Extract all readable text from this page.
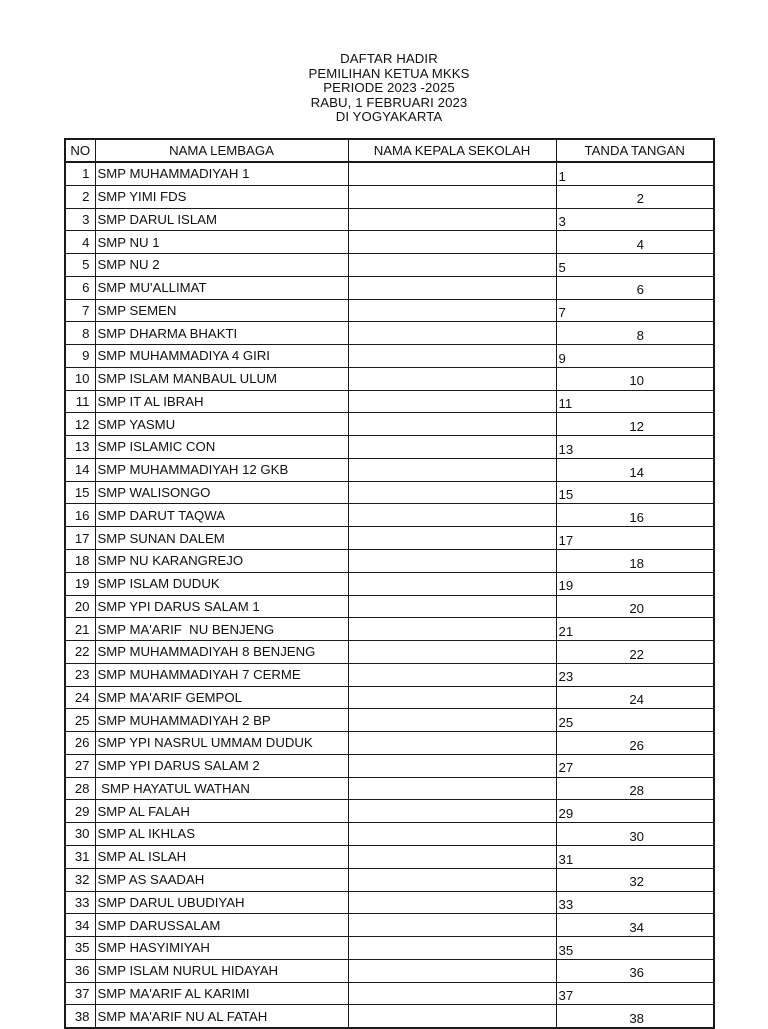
DAFTAR HADIR
PEMILIHAN KETUA MKKS
PERIODE 2023 -2025
RABU, 1 FEBRUARI 2023
DI YOGYAKARTA
NO	NAMA LEMBAGA	NAMA KEPALA SEKOLAH	TANDA TANGAN
1	SMP MUHAMMADIYAH 1		1
2	SMP YIMI FDS		2
3	SMP DARUL ISLAM		3
4	SMP NU 1		4
5	SMP NU 2		5
6	SMP MU'ALLIMAT		6
7	SMP SEMEN		7
8	SMP DHARMA BHAKTI		8
9	SMP MUHAMMADIYA 4 GIRI		9
10	SMP ISLAM MANBAUL ULUM		10
11	SMP IT AL IBRAH		11
12	SMP YASMU		12
13	SMP ISLAMIC CON		13
14	SMP MUHAMMADIYAH 12 GKB		14
15	SMP WALISONGO		15
16	SMP DARUT TAQWA		16
17	SMP SUNAN DALEM		17
18	SMP NU KARANGREJO		18
19	SMP ISLAM DUDUK		19
20	SMP YPI DARUS SALAM 1		20
21	SMP MA'ARIF  NU BENJENG		21
22	SMP MUHAMMADIYAH 8 BENJENG		22
23	SMP MUHAMMADIYAH 7 CERME		23
24	SMP MA'ARIF GEMPOL		24
25	SMP MUHAMMADIYAH 2 BP		25
26	SMP YPI NASRUL UMMAM DUDUK		26
27	SMP YPI DARUS SALAM 2		27
28	SMP HAYATUL WATHAN		28
29	SMP AL FALAH		29
30	SMP AL IKHLAS		30
31	SMP AL ISLAH		31
32	SMP AS SAADAH		32
33	SMP DARUL UBUDIYAH		33
34	SMP DARUSSALAM		34
35	SMP HASYIMIYAH		35
36	SMP ISLAM NURUL HIDAYAH		36
37	SMP MA'ARIF AL KARIMI		37
38	SMP MA'ARIF NU AL FATAH		38
